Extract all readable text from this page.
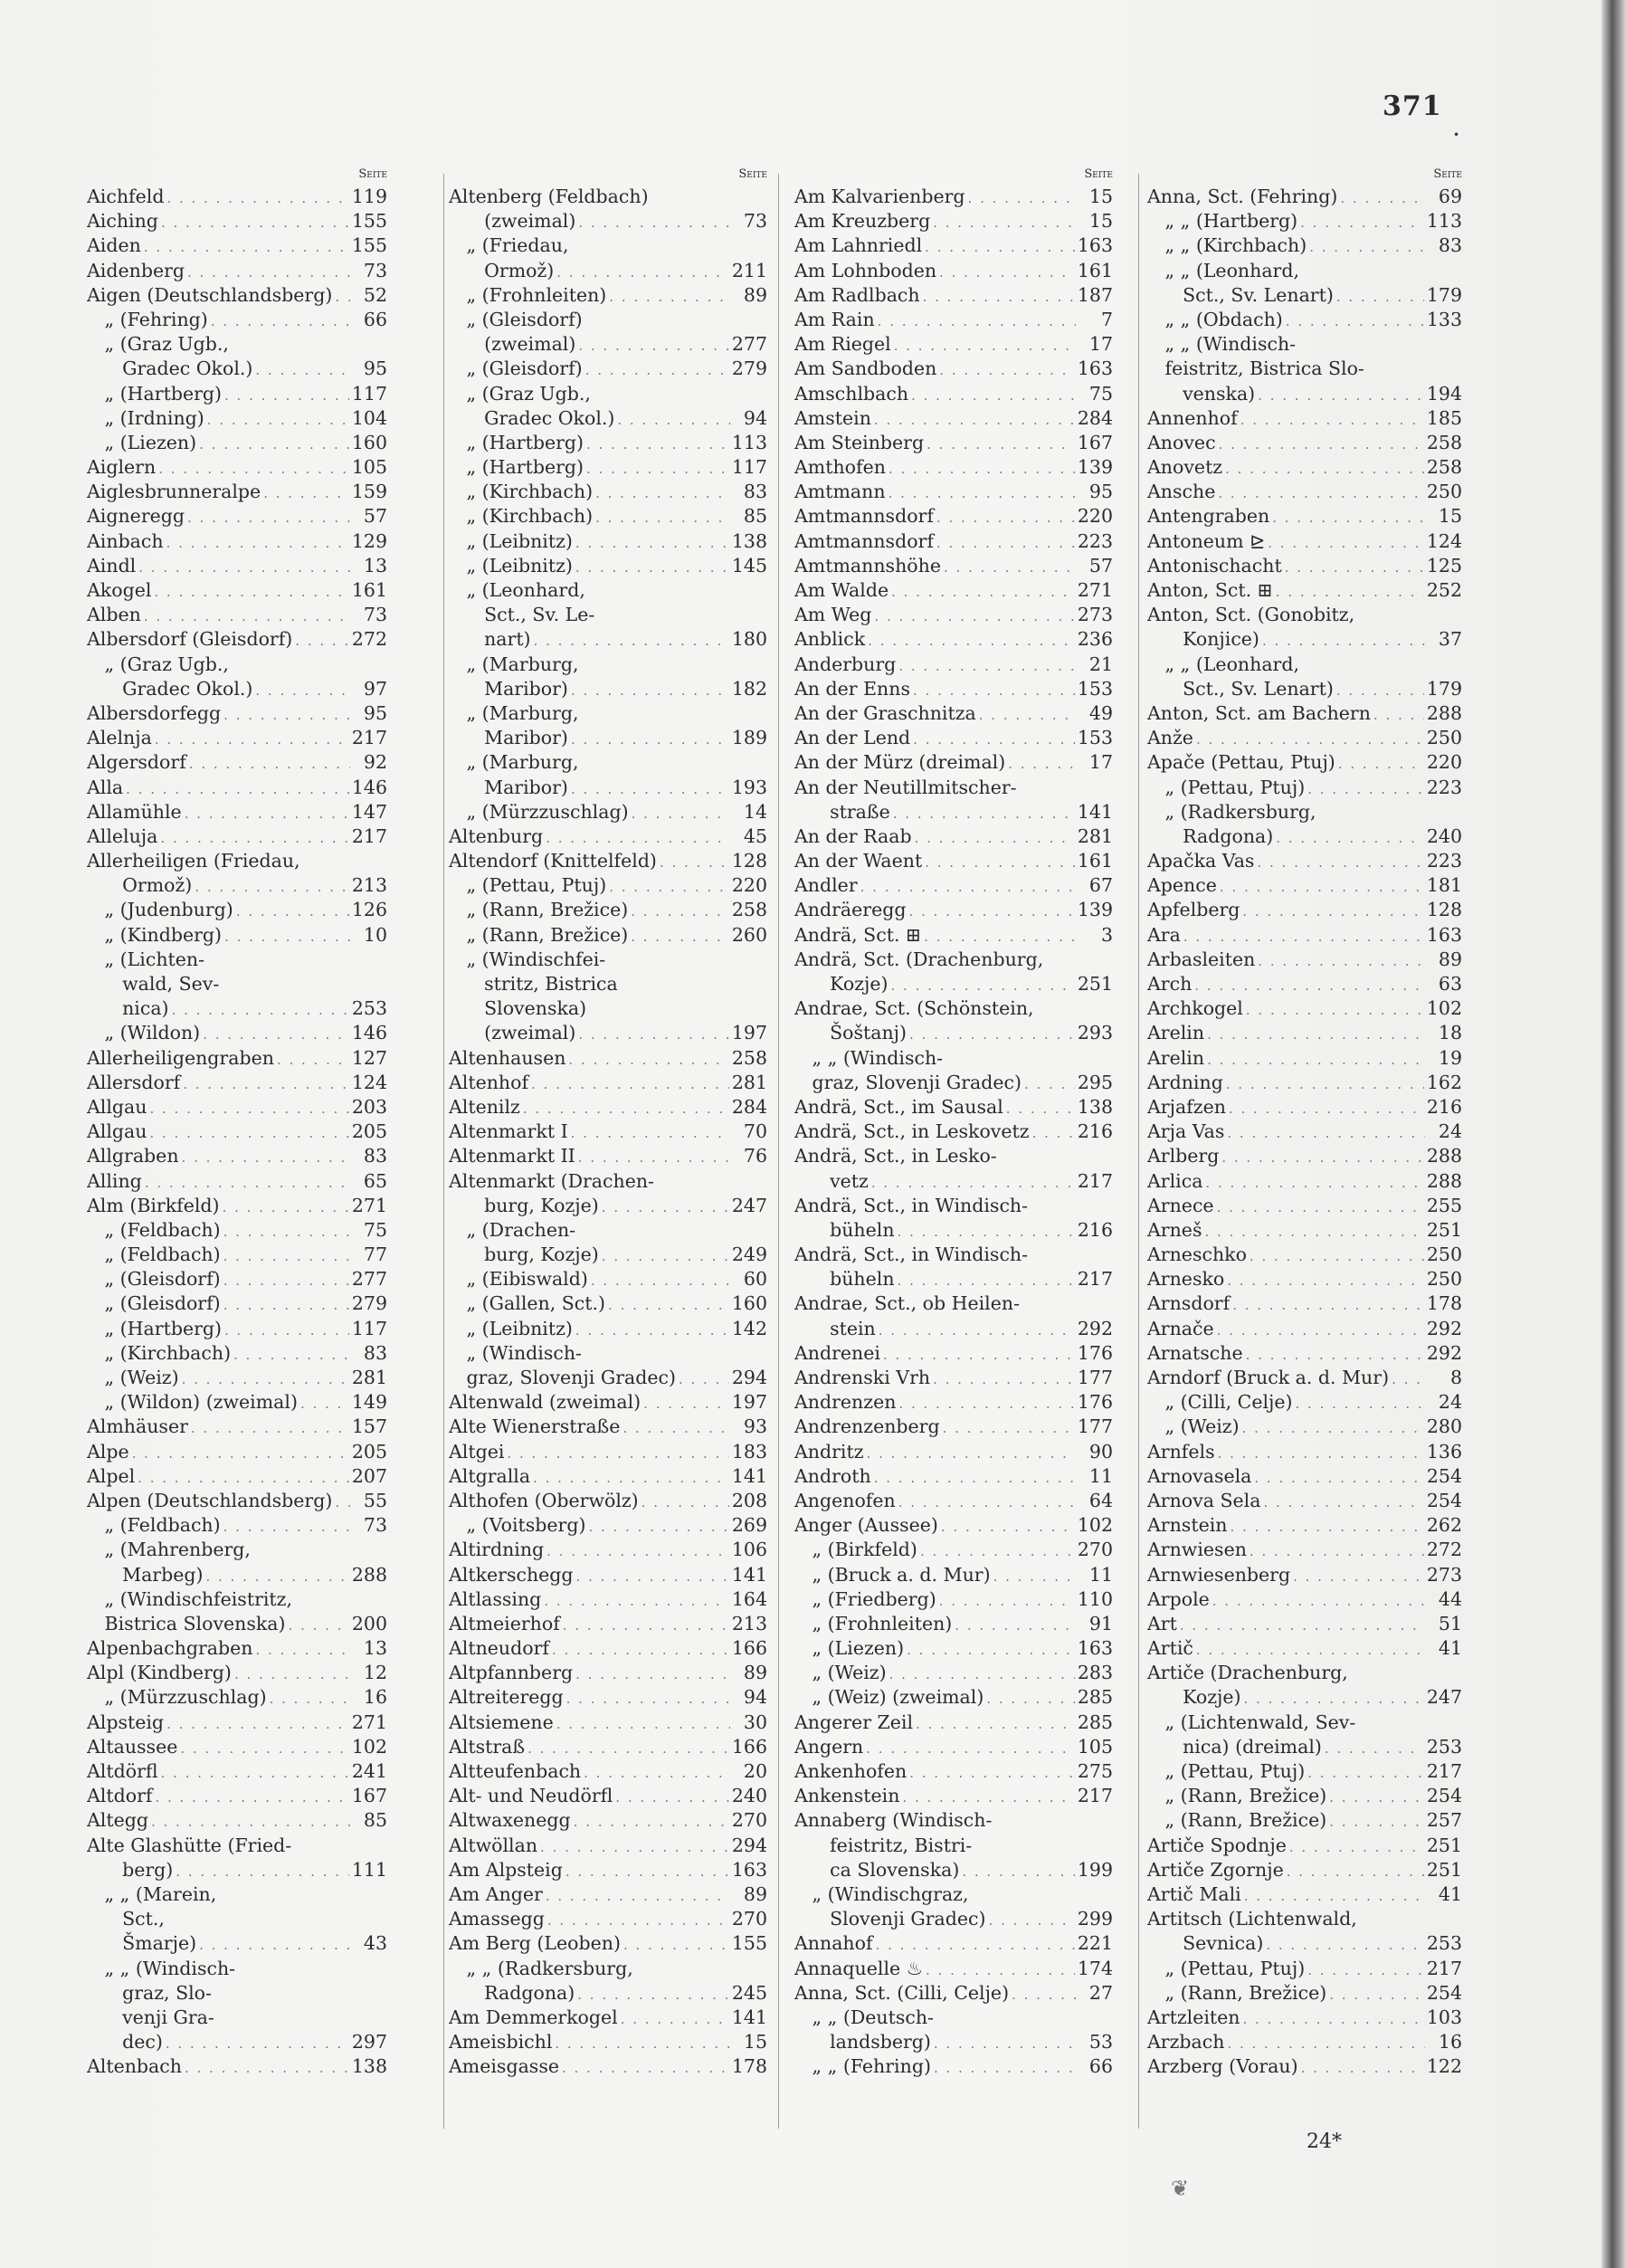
371
•
Seite
Aichfeld . . .	119
Aiching . . .	155
Aiden . . .	155
Aidenberg . . .	73
Aigen (Deutschlandsberg) . . .	52
„ (Fehring) . . .	66
„ (Graz Ugb.,
Gradec Okol.) . . .	95
„ (Hartberg) . . .	117
„ (Irdning) . . .	104
„ (Liezen) . . .	160
Aiglern . . .	105
Aiglesbrunneralpe . . .	159
Aigneregg . . .	57
Ainbach . . .	129
Aindl . . .	13
Akogel . . .	161
Alben . . .	73
Albersdorf (Gleisdorf) . . .	272
„ (Graz Ugb.,
Gradec Okol.) . . .	97
Albersdorfegg . . .	95
Alelnja . . .	217
Algersdorf . . .	92
Alla . . .	146
Allamühle . . .	147
Alleluja . . .	217
Allerheiligen (Friedau,
Ormož) . . .	213
„ (Judenburg) . . .	126
„ (Kindberg) . . .	10
„ (Lichten-
wald, Sev-
nica) . . .	253
„ (Wildon) . . .	146
Allerheiligengraben . . .	127
Allersdorf . . .	124
Allgau . . .	203
Allgau . . .	205
Allgraben . . .	83
Alling . . .	65
Alm (Birkfeld) . . .	271
„ (Feldbach) . . .	75
„ (Feldbach) . . .	77
„ (Gleisdorf) . . .	277
„ (Gleisdorf) . . .	279
„ (Hartberg) . . .	117
„ (Kirchbach) . . .	83
„ (Weiz) . . .	281
„ (Wildon) (zweimal) . . .	149
Almhäuser . . .	157
Alpe . . .	205
Alpel . . .	207
Alpen (Deutschlandsberg) . . .	55
„ (Feldbach) . . .	73
„ (Mahrenberg,
Marbeg) . . .	288
„ (Windischfeistritz,
Bistrica Slovenska) . . .	200
Alpenbachgraben . . .	13
Alpl (Kindberg) . . .	12
„ (Mürzzuschlag) . . .	16
Alpsteig . . .	271
Altaussee . . .	102
Altdörfl . . .	241
Altdorf . . .	167
Altegg . . .	85
Alte Glashütte (Fried-
berg) . . .	111
„ „ (Marein,
Sct.,
Šmarje) . . .	43
„ „ (Windisch-
graz, Slo-
venji Gra-
dec) . . .	297
Altenbach . . .	138
Seite
Altenberg (Feldbach)
(zweimal) . . .	73
„ (Friedau,
Ormož) . . .	211
„ (Frohnleiten) . . .	89
„ (Gleisdorf)
(zweimal) . . .	277
„ (Gleisdorf) . . .	279
„ (Graz Ugb.,
Gradec Okol.) . . .	94
„ (Hartberg) . . .	113
„ (Hartberg) . . .	117
„ (Kirchbach) . . .	83
„ (Kirchbach) . . .	85
„ (Leibnitz) . . .	138
„ (Leibnitz) . . .	145
„ (Leonhard,
Sct., Sv. Le-
nart) . . .	180
„ (Marburg,
Maribor) . . .	182
„ (Marburg,
Maribor) . . .	189
„ (Marburg,
Maribor) . . .	193
„ (Mürzzuschlag) . . .	14
Altenburg . . .	45
Altendorf (Knittelfeld) . . .	128
„ (Pettau, Ptuj) . . .	220
„ (Rann, Brežice) . . .	258
„ (Rann, Brežice) . . .	260
„ (Windischfei-
stritz, Bistrica
Slovenska)
(zweimal) . . .	197
Altenhausen . . .	258
Altenhof . . .	281
Altenilz . . .	284
Altenmarkt I . . .	70
Altenmarkt II . . .	76
Altenmarkt (Drachen-
burg, Kozje) . . .	247
„ (Drachen-
burg, Kozje) . . .	249
„ (Eibiswald) . . .	60
„ (Gallen, Sct.) . . .	160
„ (Leibnitz) . . .	142
„ (Windisch-
graz, Slovenji Gradec) . . .	294
Altenwald (zweimal) . . .	197
Alte Wienerstraße . . .	93
Altgei . . .	183
Altgralla . . .	141
Althofen (Oberwölz) . . .	208
„ (Voitsberg) . . .	269
Altirdning . . .	106
Altkerschegg . . .	141
Altlassing . . .	164
Altmeierhof . . .	213
Altneudorf . . .	166
Altpfannberg . . .	89
Altreiteregg . . .	94
Altsiemene . . .	30
Altstraß . . .	166
Altteufenbach . . .	20
Alt- und Neudörfl . . .	240
Altwaxenegg . . .	270
Altwöllan . . .	294
Am Alpsteig . . .	163
Am Anger . . .	89
Amassegg . . .	270
Am Berg (Leoben) . . .	155
„ „ (Radkersburg,
Radgona) . . .	245
Am Demmerkogel . . .	141
Ameisbichl . . .	15
Ameisgasse . . .	178
Seite
Am Kalvarienberg . . .	15
Am Kreuzberg . . .	15
Am Lahnriedl . . .	163
Am Lohnboden . . .	161
Am Radlbach . . .	187
Am Rain . . .	7
Am Riegel . . .	17
Am Sandboden . . .	163
Amschlbach . . .	75
Amstein . . .	284
Am Steinberg . . .	167
Amthofen . . .	139
Amtmann . . .	95
Amtmannsdorf . . .	220
Amtmannsdorf . . .	223
Amtmannshöhe . . .	57
Am Walde . . .	271
Am Weg . . .	273
Anblick . . .	236
Anderburg . . .	21
An der Enns . . .	153
An der Graschnitza . . .	49
An der Lend . . .	153
An der Mürz (dreimal) . . .	17
An der Neutillmitscher-
straße . . .	141
An der Raab . . .	281
An der Waent . . .	161
Andler . . .	67
Andräeregg . . .	139
Andrä, Sct. ⊞ . . .	3
Andrä, Sct. (Drachenburg,
Kozje) . . .	251
Andrae, Sct. (Schönstein,
Šoštanj) . . .	293
„ „ (Windisch-
graz, Slovenji Gradec) . . .	295
Andrä, Sct., im Sausal . . .	138
Andrä, Sct., in Leskovetz . . .	216
Andrä, Sct., in Lesko-
vetz . . .	217
Andrä, Sct., in Windisch-
büheln . . .	216
Andrä, Sct., in Windisch-
büheln . . .	217
Andrae, Sct., ob Heilen-
stein . . .	292
Andrenei . . .	176
Andrenski Vrh . . .	177
Andrenzen . . .	176
Andrenzenberg . . .	177
Andritz . . .	90
Androth . . .	11
Angenofen . . .	64
Anger (Aussee) . . .	102
„ (Birkfeld) . . .	270
„ (Bruck a. d. Mur) . . .	11
„ (Friedberg) . . .	110
„ (Frohnleiten) . . .	91
„ (Liezen) . . .	163
„ (Weiz) . . .	283
„ (Weiz) (zweimal) . . .	285
Angerer Zeil . . .	285
Angern . . .	105
Ankenhofen . . .	275
Ankenstein . . .	217
Annaberg (Windisch-
feistritz, Bistri-
ca Slovenska) . . .	199
„ (Windischgraz,
Slovenji Gradec) . . .	299
Annahof . . .	221
Annaquelle ♨ . . .	174
Anna, Sct. (Cilli, Celje) . . .	27
„ „ (Deutsch-
landsberg) . . .	53
„ „ (Fehring) . . .	66
Seite
Anna, Sct. (Fehring) . . .	69
„ „ (Hartberg) . . .	113
„ „ (Kirchbach) . . .	83
„ „ (Leonhard,
Sct., Sv. Lenart) . . .	179
„ „ (Obdach) . . .	133
„ „ (Windisch-
feistritz, Bistrica Slo-
venska) . . .	194
Annenhof . . .	185
Anovec . . .	258
Anovetz . . .	258
Ansche . . .	250
Antengraben . . .	15
Antoneum ⊵ . . .	124
Antonischacht . . .	125
Anton, Sct. ⊞ . . .	252
Anton, Sct. (Gonobitz,
Konjice) . . .	37
„ „ (Leonhard,
Sct., Sv. Lenart) . . .	179
Anton, Sct. am Bachern . . .	288
Anže . . .	250
Apače (Pettau, Ptuj) . . .	220
„ (Pettau, Ptuj) . . .	223
„ (Radkersburg,
Radgona) . . .	240
Apačka Vas . . .	223
Apence . . .	181
Apfelberg . . .	128
Ara . . .	163
Arbasleiten . . .	89
Arch . . .	63
Archkogel . . .	102
Arelin . . .	18
Arelin . . .	19
Ardning . . .	162
Arjafzen . . .	216
Arja Vas . . .	24
Arlberg . . .	288
Arlica . . .	288
Arnece . . .	255
Arneš . . .	251
Arneschko . . .	250
Arnesko . . .	250
Arnsdorf . . .	178
Arnače . . .	292
Arnatsche . . .	292
Arndorf (Bruck a. d. Mur) . . .	8
„ (Cilli, Celje) . . .	24
„ (Weiz) . . .	280
Arnfels . . .	136
Arnovasela . . .	254
Arnova Sela . . .	254
Arnstein . . .	262
Arnwiesen . . .	272
Arnwiesenberg . . .	273
Arpole . . .	44
Art . . .	51
Artič . . .	41
Artiče (Drachenburg,
Kozje) . . .	247
„ (Lichtenwald, Sev-
nica) (dreimal) . . .	253
„ (Pettau, Ptuj) . . .	217
„ (Rann, Brežice) . . .	254
„ (Rann, Brežice) . . .	257
Artiče Spodnje . . .	251
Artiče Zgornje . . .	251
Artič Mali . . .	41
Artitsch (Lichtenwald,
Sevnica) . . .	253
„ (Pettau, Ptuj) . . .	217
„ (Rann, Brežice) . . .	254
Artzleiten . . .	103
Arzbach . . .	16
Arzberg (Vorau) . . .	122
24*
❦
